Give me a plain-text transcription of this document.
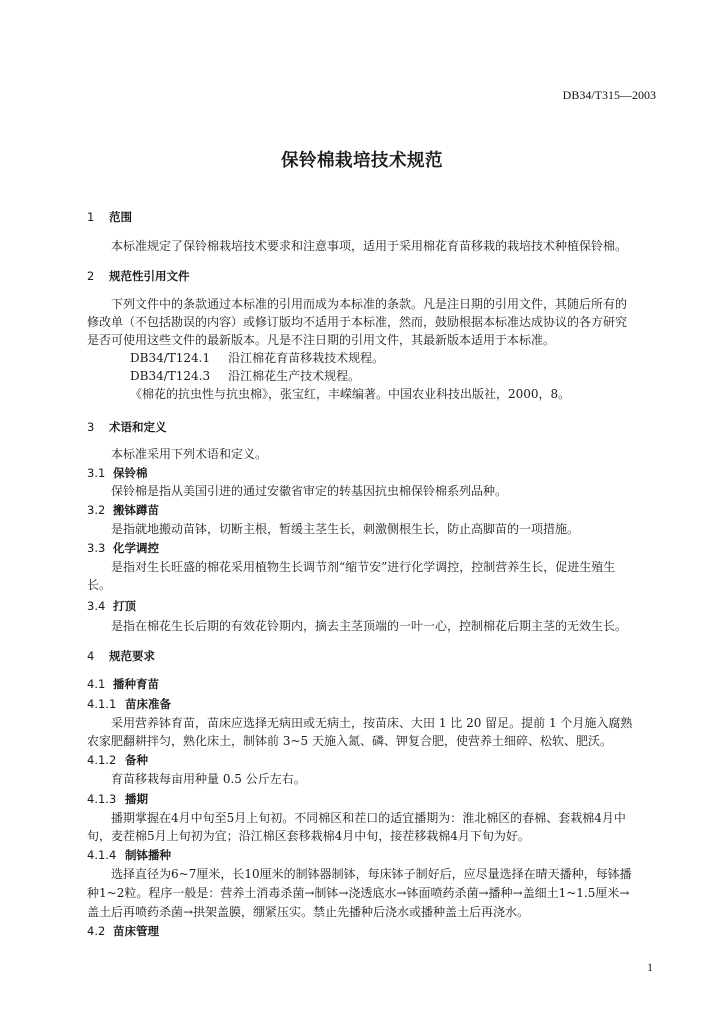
DB34/T315—2003
保铃棉栽培技术规范
1 范围
本标准规定了保铃棉栽培技术要求和注意事项，适用于采用棉花育苗移栽的栽培技术种植保铃棉。
2 规范性引用文件
下列文件中的条款通过本标准的引用而成为本标准的条款。凡是注日期的引用文件，其随后所有的
修改单（不包括勘误的内容）或修订版均不适用于本标准，然而，鼓励根据本标准达成协议的各方研究
是否可使用这些文件的最新版本。凡是不注日期的引用文件，其最新版本适用于本标准。
DB34/T124.1 沿江棉花育苗移栽技术规程。
DB34/T124.3 沿江棉花生产技术规程。
《棉花的抗虫性与抗虫棉》，张宝红，丰嵘编著。中国农业科技出版社，2000，8。
3 术语和定义
本标准采用下列术语和定义。
3.1 保铃棉
保铃棉是指从美国引进的通过安徽省审定的转基因抗虫棉保铃棉系列品种。
3.2 搬钵蹲苗
是指就地搬动苗钵，切断主根，暂缓主茎生长，刺激侧根生长，防止高脚苗的一项措施。
3.3 化学调控
是指对生长旺盛的棉花采用植物生长调节剂“缩节安”进行化学调控，控制营养生长，促进生殖生
长。
3.4 打顶
是指在棉花生长后期的有效花铃期内，摘去主茎顶端的一叶一心，控制棉花后期主茎的无效生长。
4 规范要求
4.1 播种育苗
4.1.1 苗床准备
采用营养钵育苗，苗床应选择无病田或无病土，按苗床、大田 1 比 20 留足。提前 1 个月施入腐熟
农家肥翻耕拌匀，熟化床土，制钵前 3~5 天施入氮、磷、钾复合肥，使营养土细碎、松软、肥沃。
4.1.2 备种
育苗移栽每亩用种量 0.5 公斤左右。
4.1.3 播期
播期掌握在4月中旬至5月上旬初。不同棉区和茬口的适宜播期为：淮北棉区的春棉、套栽棉4月中
旬，麦茬棉5月上旬初为宜；沿江棉区套移栽棉4月中旬，接茬移栽棉4月下旬为好。
4.1.4 制钵播种
选择直径为6~7厘米，长10厘米的制钵器制钵，每床钵子制好后，应尽量选择在晴天播种，每钵播
种1~2粒。程序一般是：营养土消毒杀菌→制钵→浇透底水→钵面喷药杀菌→播种→盖细土1~1.5厘米→
盖土后再喷药杀菌→拱架盖膜，绷紧压实。禁止先播种后浇水或播种盖土后再浇水。
4.2 苗床管理
1
